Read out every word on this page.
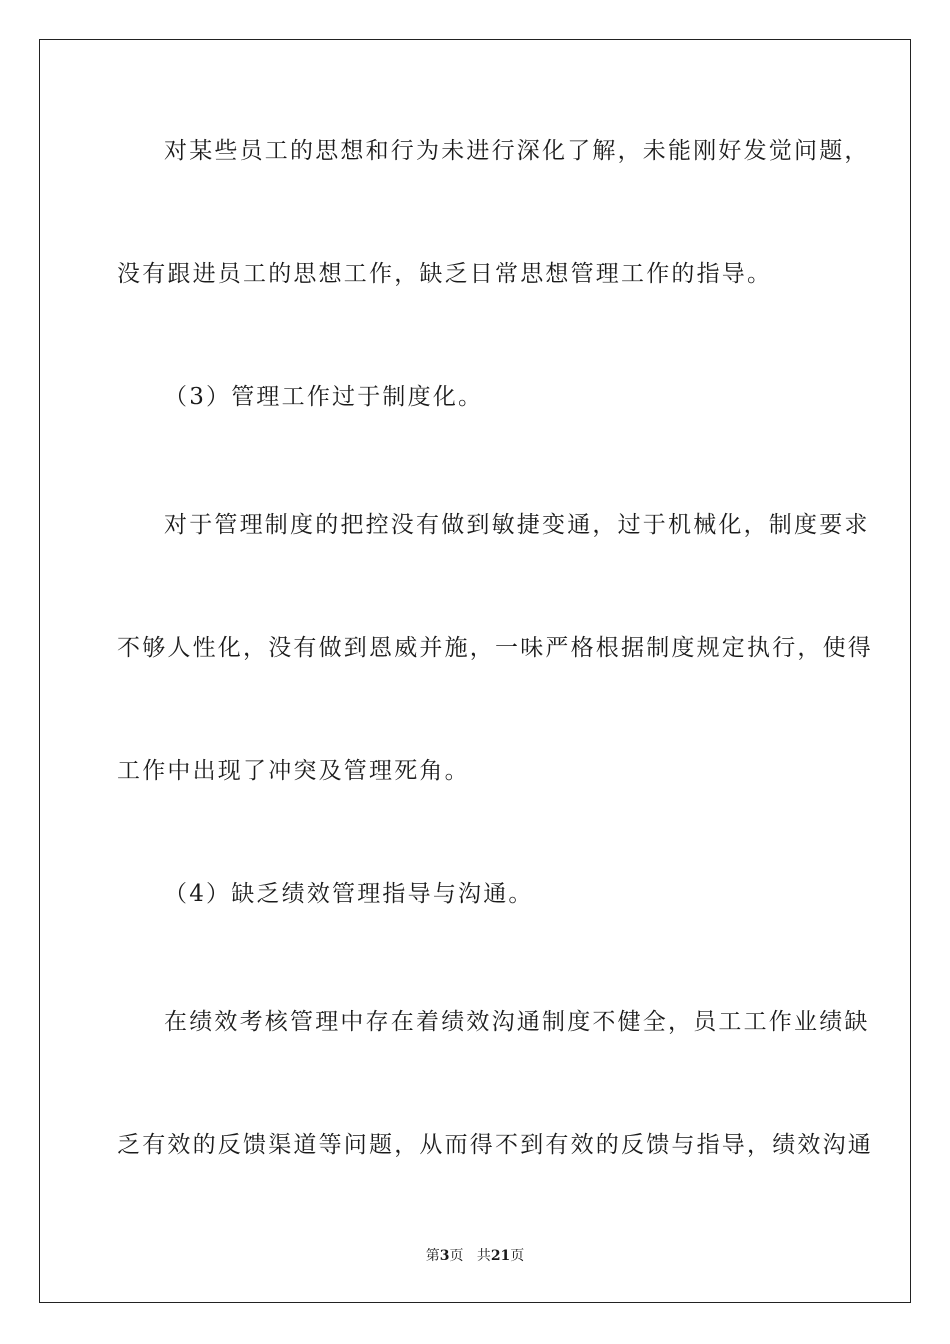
对某些员工的思想和行为未进行深化了解，未能刚好发觉问题，
没有跟进员工的思想工作，缺乏日常思想管理工作的指导。
（3）管理工作过于制度化。
对于管理制度的把控没有做到敏捷变通，过于机械化，制度要求
不够人性化，没有做到恩威并施，一味严格根据制度规定执行，使得
工作中出现了冲突及管理死角。
（4）缺乏绩效管理指导与沟通。
在绩效考核管理中存在着绩效沟通制度不健全，员工工作业绩缺
乏有效的反馈渠道等问题，从而得不到有效的反馈与指导，绩效沟通
第3页 共21页
